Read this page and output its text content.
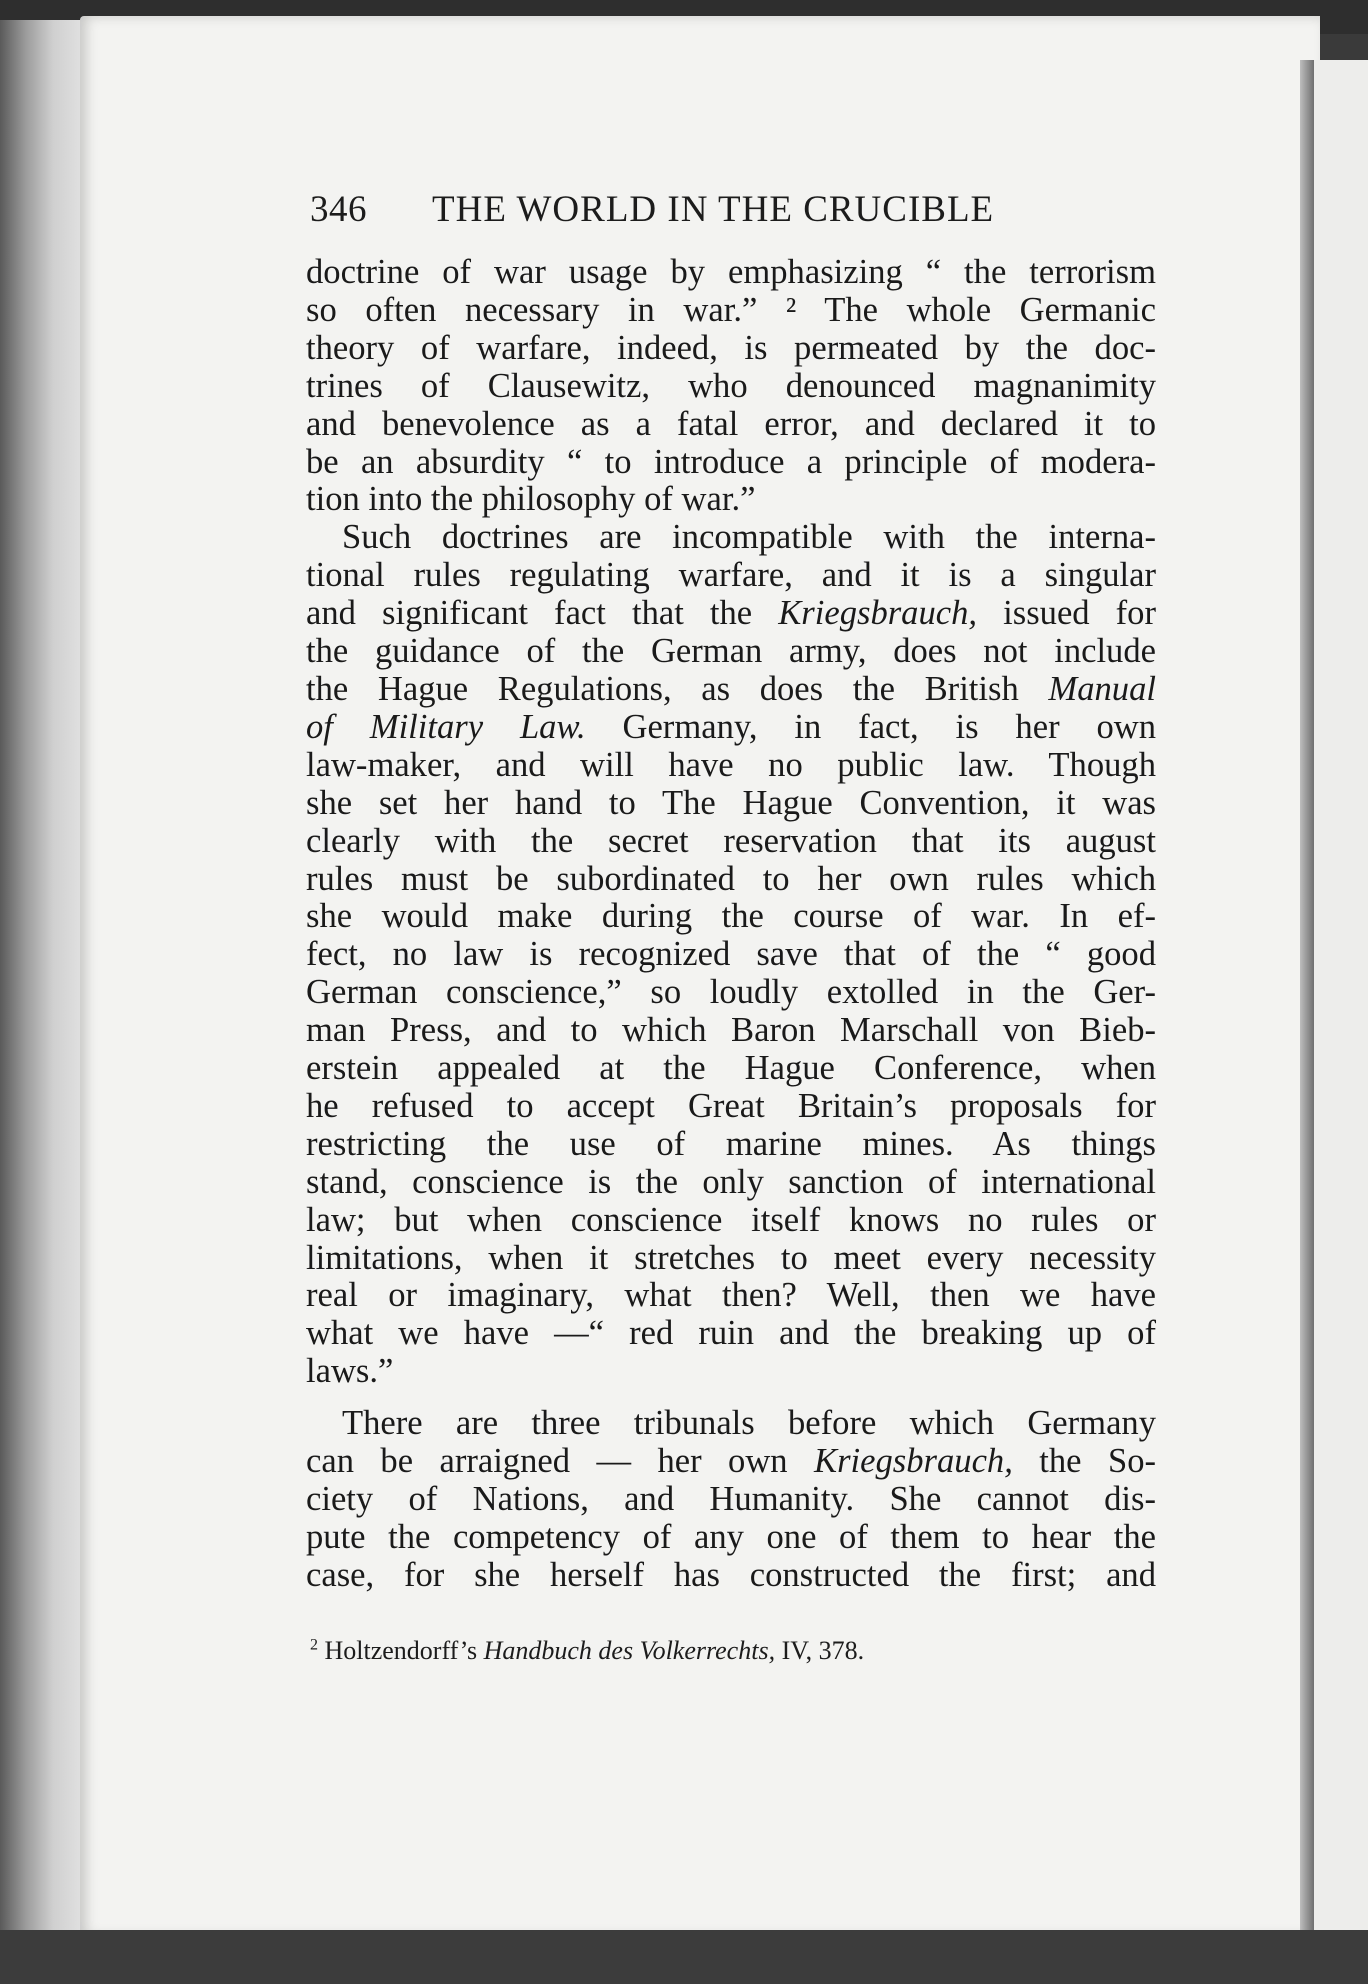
346 THE WORLD IN THE CRUCIBLE
doctrine of war usage by emphasizing “ the terrorism
so often necessary in war.” ² The whole Germanic
theory of warfare, indeed, is permeated by the doc-
trines of Clausewitz, who denounced magnanimity
and benevolence as a fatal error, and declared it to
be an absurdity “ to introduce a principle of modera-
tion into the philosophy of war.”
Such doctrines are incompatible with the interna-
tional rules regulating warfare, and it is a singular
and significant fact that the Kriegsbrauch, issued for
the guidance of the German army, does not include
the Hague Regulations, as does the British Manual
of Military Law. Germany, in fact, is her own
law-maker, and will have no public law. Though
she set her hand to The Hague Convention, it was
clearly with the secret reservation that its august
rules must be subordinated to her own rules which
she would make during the course of war. In ef-
fect, no law is recognized save that of the “ good
German conscience,” so loudly extolled in the Ger-
man Press, and to which Baron Marschall von Bieb-
erstein appealed at the Hague Conference, when
he refused to accept Great Britain’s proposals for
restricting the use of marine mines. As things
stand, conscience is the only sanction of international
law; but when conscience itself knows no rules or
limitations, when it stretches to meet every necessity
real or imaginary, what then? Well, then we have
what we have —“ red ruin and the breaking up of
laws.”
There are three tribunals before which Germany
can be arraigned — her own Kriegsbrauch, the So-
ciety of Nations, and Humanity. She cannot dis-
pute the competency of any one of them to hear the
case, for she herself has constructed the first; and
$^2$ Holtzendorff’s Handbuch des Volkerrechts, IV, 378.
